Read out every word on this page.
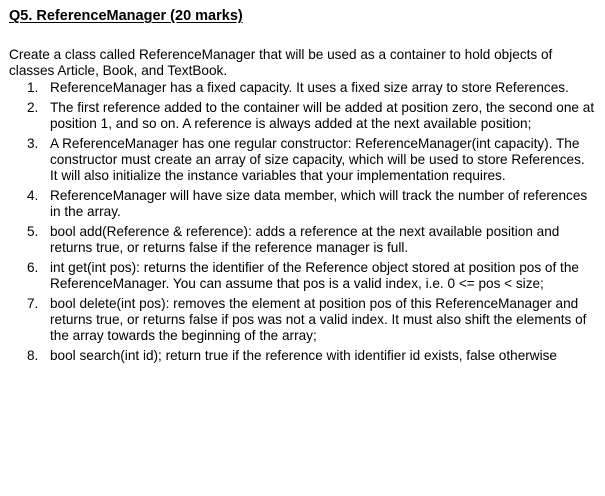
Q5. ReferenceManager (20 marks)

Create a class called ReferenceManager that will be used as a container to hold objects of classes Article, Book, and TextBook.

1. ReferenceManager has a fixed capacity. It uses a fixed size array to store References.
2. The first reference added to the container will be added at position zero, the second one at position 1, and so on. A reference is always added at the next available position;
3. A ReferenceManager has one regular constructor: ReferenceManager(int capacity). The constructor must create an array of size capacity, which will be used to store References. It will also initialize the instance variables that your implementation requires.
4. ReferenceManager will have size data member, which will track the number of references in the array.
5. bool add(Reference & reference): adds a reference at the next available position and returns true, or returns false if the reference manager is full.
6. int get(int pos): returns the identifier of the Reference object stored at position pos of the ReferenceManager. You can assume that pos is a valid index, i.e. 0 <= pos < size;
7. bool delete(int pos): removes the element at position pos of this ReferenceManager and returns true, or returns false if pos was not a valid index. It must also shift the elements of the array towards the beginning of the array;
8. bool search(int id); return true if the reference with identifier id exists, false otherwise
